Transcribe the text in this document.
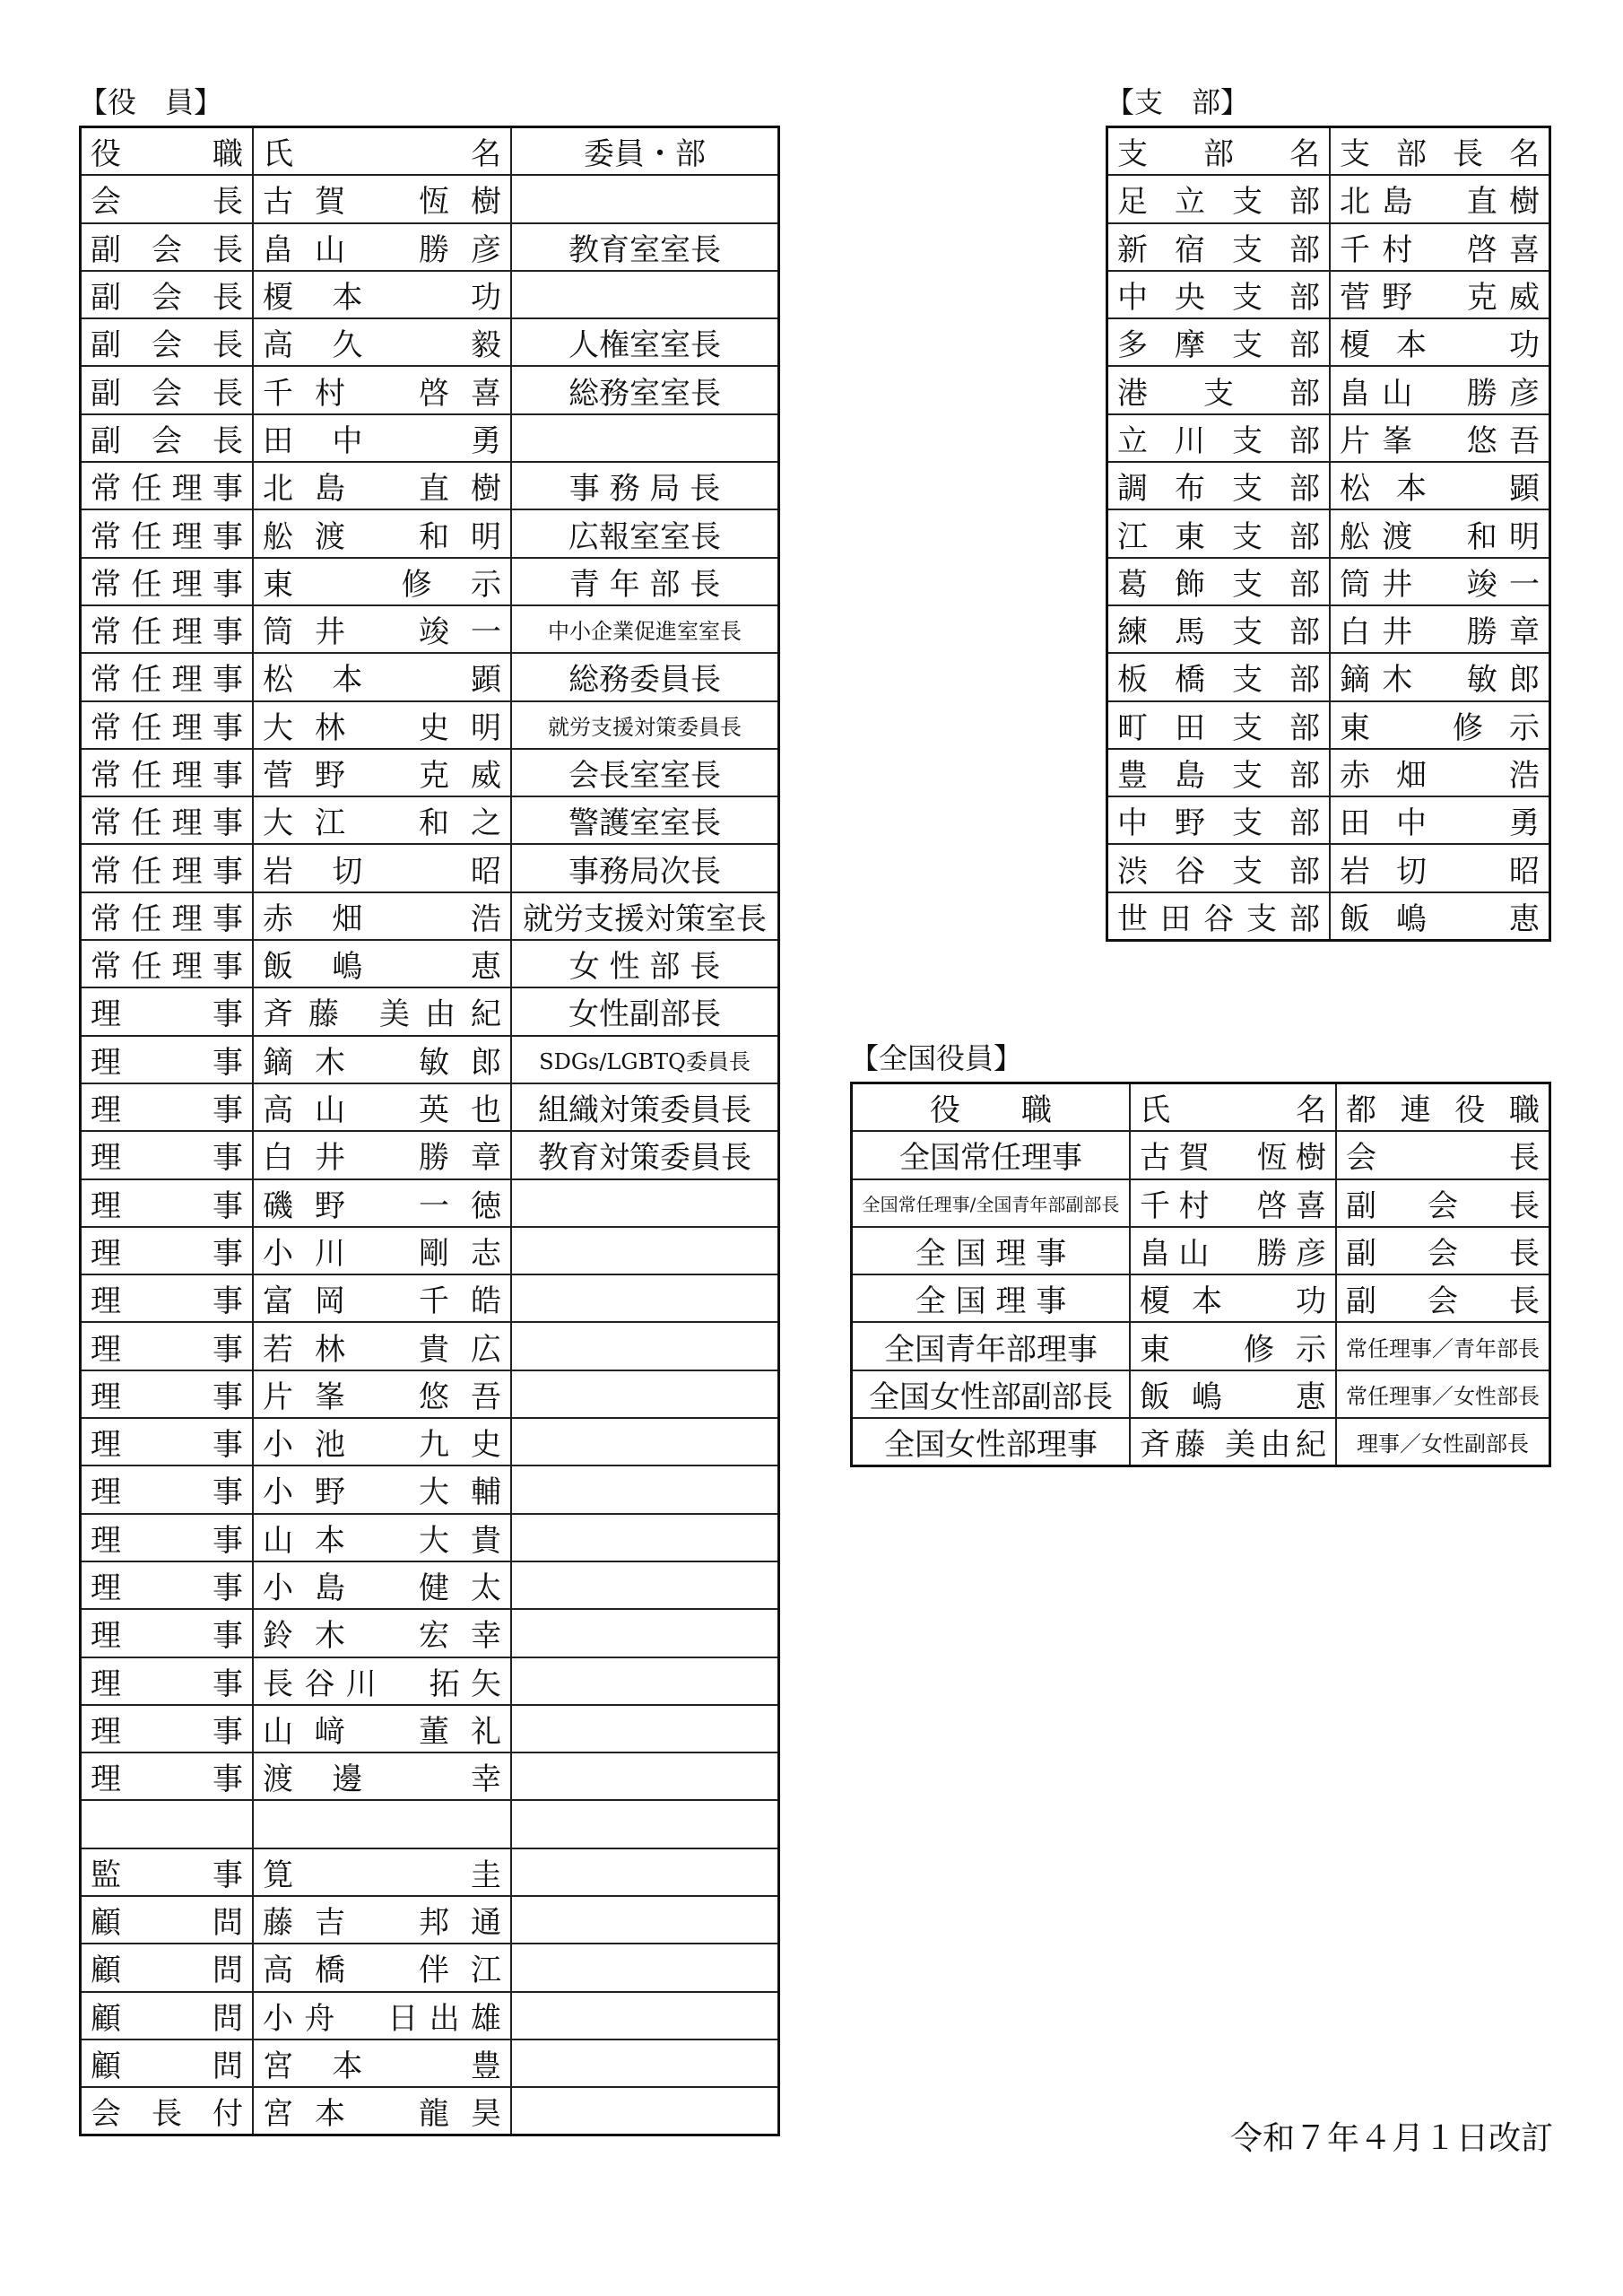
【役　員】
役職	氏　　名	委員・部
会　長	古賀　恆樹	
副会長	畠山　勝彦	教育室室長
副会長	榎本　功	
副会長	高久　毅	人権室室長
副会長	千村　啓喜	総務室室長
副会長	田中　勇	
常任理事	北島　直樹	事 務 局 長
常任理事	舩渡　和明	広報室室長
常任理事	東　修示	青 年 部 長
常任理事	筒井　竣一	中小企業促進室室長
常任理事	松本　顕	総務委員長
常任理事	大林　史明	就労支援対策委員長
常任理事	菅野　克威	会長室室長
常任理事	大江　和之	警護室室長
常任理事	岩切　昭	事務局次長
常任理事	赤畑　浩	就労支援対策室長
常任理事	飯嶋　恵	女 性 部 長
理　事	斉藤 美由紀	女性副部長
理　事	鏑木　敏郎	SDGs/LGBTQ委員長
理　事	高山　英也	組織対策委員長
理　事	白井　勝章	教育対策委員長
理　事	磯野　一徳	
理　事	小川　剛志	
理　事	富岡　千皓	
理　事	若林　貴広	
理　事	片峯　悠吾	
理　事	小池　九史	
理　事	小野　大輔	
理　事	山本　大貴	
理　事	小島　健太	
理　事	鈴木　宏幸	
理　事	長谷川　拓矢	
理　事	山﨑　董礼	
理　事	渡邊　幸	

監　事	筧　圭	
顧　問	藤吉　邦通	
顧　問	高橋　伴江	
顧　問	小舟　日出雄	
顧　問	宮本　豊	
会長付	宮本　龍昊	
【支　部】
支部名	支部長名
足立支部	北島　直樹
新宿支部	千村　啓喜
中央支部	菅野　克威
多摩支部	榎本　功
港　支　部	畠山　勝彦
立川支部	片峯　悠吾
調布支部	松本　顕
江東支部	舩渡　和明
葛飾支部	筒井　竣一
練馬支部	白井　勝章
板橋支部	鏑木　敏郎
町田支部	東　修示
豊島支部	赤畑　浩
中野支部	田中　勇
渋谷支部	岩切　昭
世田谷支部	飯嶋　恵
【全国役員】
役　　職	氏　　名	都連役職
全国常任理事	古賀　恆樹	会　長
全国常任理事/全国青年部副部長	千村　啓喜	副会長
全 国 理 事	畠山　勝彦	副会長
全 国 理 事	榎本　功	副会長
全国青年部理事	東　修示	常任理事／青年部長
全国女性部副部長	飯嶋　恵	常任理事／女性部長
全国女性部理事	斉藤 美由紀	理事／女性副部長
令和７年４月１日改訂
